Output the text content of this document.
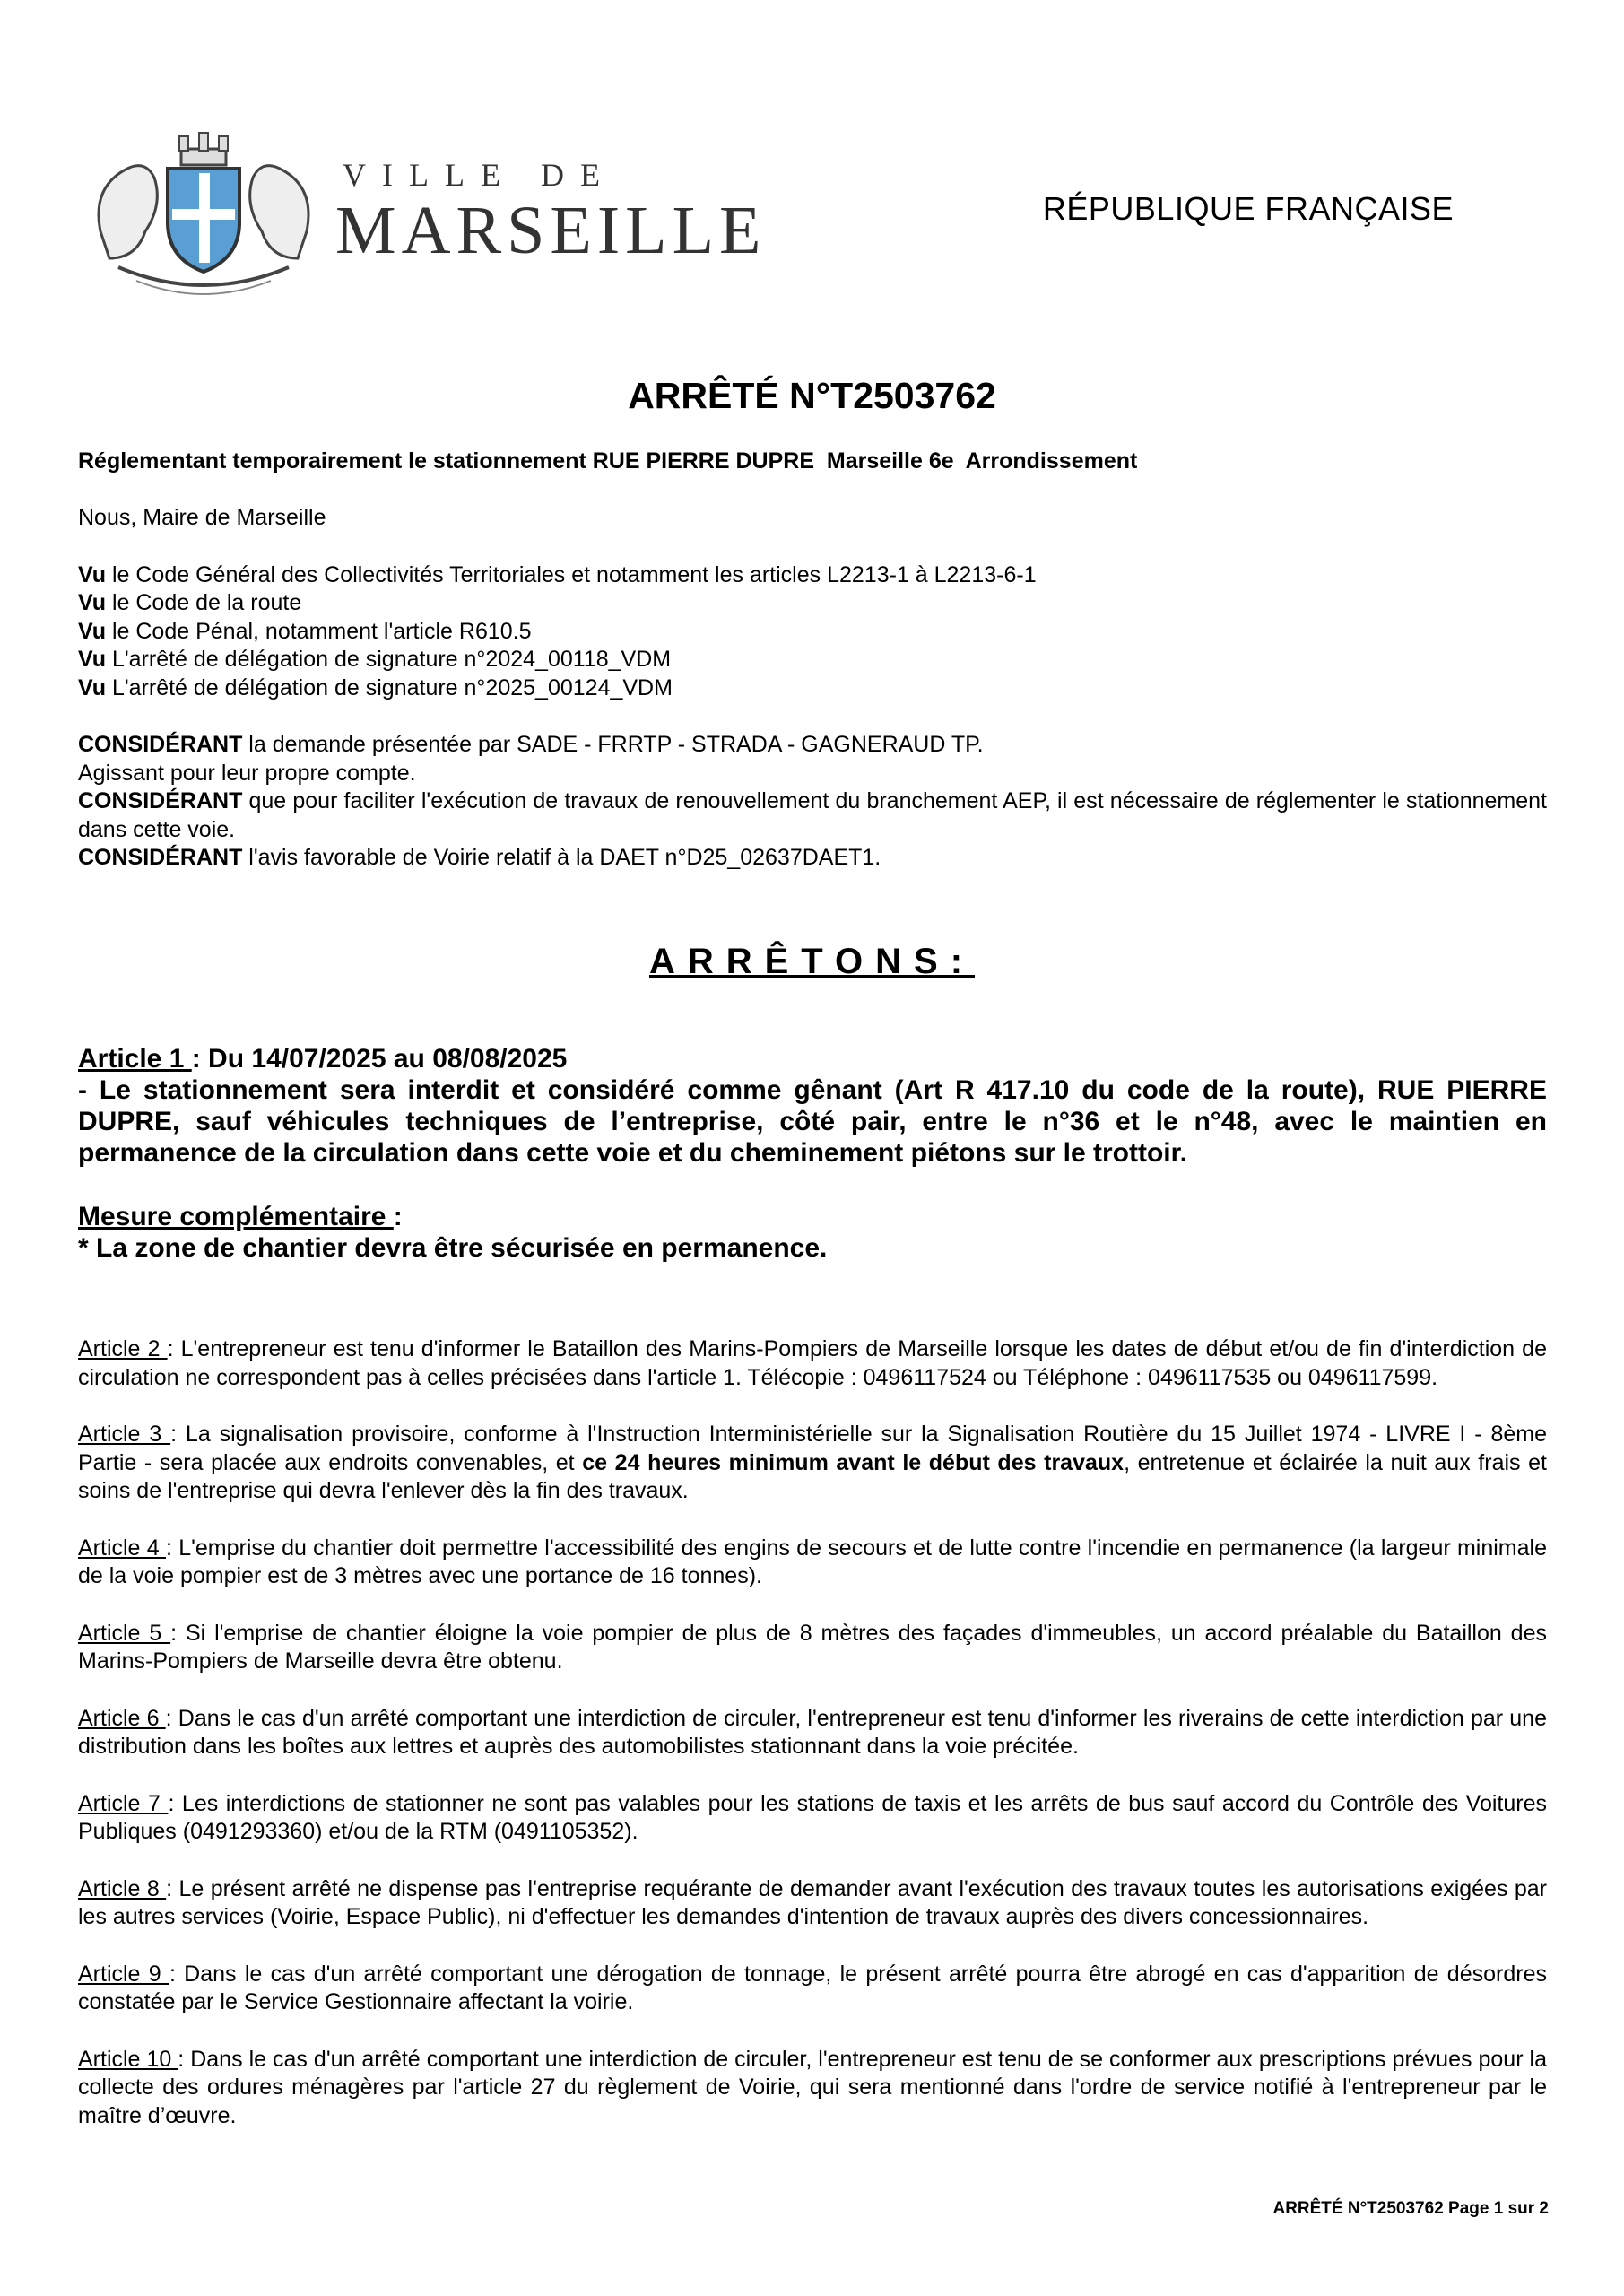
VILLE DE
MARSEILLE	RÉPUBLIQUE FRANÇAISE
ARRÊTÉ N°T2503762
Réglementant temporairement le stationnement RUE PIERRE DUPRE  Marseille 6e  Arrondissement

Nous, Maire de Marseille

Vu le Code Général des Collectivités Territoriales et notamment les articles L2213-1 à L2213-6-1

Vu le Code de la route

Vu le Code Pénal, notamment l'article R610.5

Vu L'arrêté de délégation de signature n°2024_00118_VDM

Vu L'arrêté de délégation de signature n°2025_00124_VDM

CONSIDÉRANT la demande présentée par SADE - FRRTP - STRADA - GAGNERAUD TP.

Agissant pour leur propre compte.

CONSIDÉRANT que pour faciliter l'exécution de travaux de renouvellement du branchement AEP, il est nécessaire de réglementer le stationnement dans cette voie.

CONSIDÉRANT l'avis favorable de Voirie relatif à la DAET n°D25_02637DAET1.

ARRÊTONS:

Article 1 : Du 14/07/2025 au 08/08/2025

- Le stationnement sera interdit et considéré comme gênant (Art R 417.10 du code de la route), RUE PIERRE DUPRE, sauf véhicules techniques de l’entreprise, côté pair, entre le n°36 et le n°48, avec le maintien en permanence de la circulation dans cette voie et du cheminement piétons sur le trottoir.

Mesure complémentaire :

* La zone de chantier devra être sécurisée en permanence.

Article 2 : L'entrepreneur est tenu d'informer le Bataillon des Marins-Pompiers de Marseille lorsque les dates de début et/ou de fin d'interdiction de circulation ne correspondent pas à celles précisées dans l'article 1. Télécopie : 0496117524 ou Téléphone : 0496117535 ou 0496117599.

Article 3 : La signalisation provisoire, conforme à l'Instruction Interministérielle sur la Signalisation Routière du 15 Juillet 1974 - LIVRE I - 8ème Partie - sera placée aux endroits convenables, et ce 24 heures minimum avant le début des travaux, entretenue et éclairée la nuit aux frais et soins de l'entreprise qui devra l'enlever dès la fin des travaux.

Article 4 : L'emprise du chantier doit permettre l'accessibilité des engins de secours et de lutte contre l'incendie en permanence (la largeur minimale de la voie pompier est de 3 mètres avec une portance de 16 tonnes).

Article 5 : Si l'emprise de chantier éloigne la voie pompier de plus de 8 mètres des façades d'immeubles, un accord préalable du Bataillon des Marins-Pompiers de Marseille devra être obtenu.

Article 6 : Dans le cas d'un arrêté comportant une interdiction de circuler, l'entrepreneur est tenu d'informer les riverains de cette interdiction par une distribution dans les boîtes aux lettres et auprès des automobilistes stationnant dans la voie précitée.

Article 7 : Les interdictions de stationner ne sont pas valables pour les stations de taxis et les arrêts de bus sauf accord du Contrôle des Voitures Publiques (0491293360) et/ou de la RTM (0491105352).

Article 8 : Le présent arrêté ne dispense pas l'entreprise requérante de demander avant l'exécution des travaux toutes les autorisations exigées par les autres services (Voirie, Espace Public), ni d'effectuer les demandes d'intention de travaux auprès des divers concessionnaires.

Article 9 : Dans le cas d'un arrêté comportant une dérogation de tonnage, le présent arrêté pourra être abrogé en cas d'apparition de désordres constatée par le Service Gestionnaire affectant la voirie.

Article 10 : Dans le cas d'un arrêté comportant une interdiction de circuler, l'entrepreneur est tenu de se conformer aux prescriptions prévues pour la collecte des ordures ménagères par l'article 27 du règlement de Voirie, qui sera mentionné dans l'ordre de service notifié à l'entrepreneur par le maître d’œuvre.

ARRÊTÉ N°T2503762 Page 1 sur 2
